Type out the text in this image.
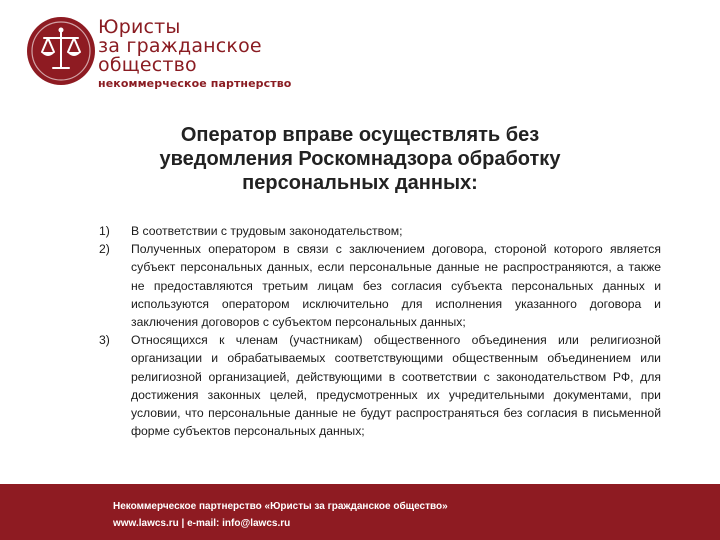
Юристы
за гражданское
общество
некоммерческое партнерство
Оператор вправе осуществлять без
уведомления Роскомнадзора обработку
персональных данных:
1) В соответствии с трудовым законодательством;
2) Полученных оператором в связи с заключением договора, стороной которого является субъект персональных данных, если персональные данные не распространяются, а также не предоставляются третьим лицам без согласия субъекта персональных данных и используются оператором исключительно для исполнения указанного договора и заключения договоров с субъектом персональных данных;
3) Относящихся к членам (участникам) общественного объединения или религиозной организации и обрабатываемых соответствующими общественным объединением или религиозной организацией, действующими в соответствии с законодательством РФ, для достижения законных целей, предусмотренных их учредительными документами, при условии, что персональные данные не будут распространяться без согласия в письменной форме субъектов персональных данных;
Некоммерческое партнерство «Юристы за гражданское общество»
www.lawcs.ru | e-mail: info@lawcs.ru
